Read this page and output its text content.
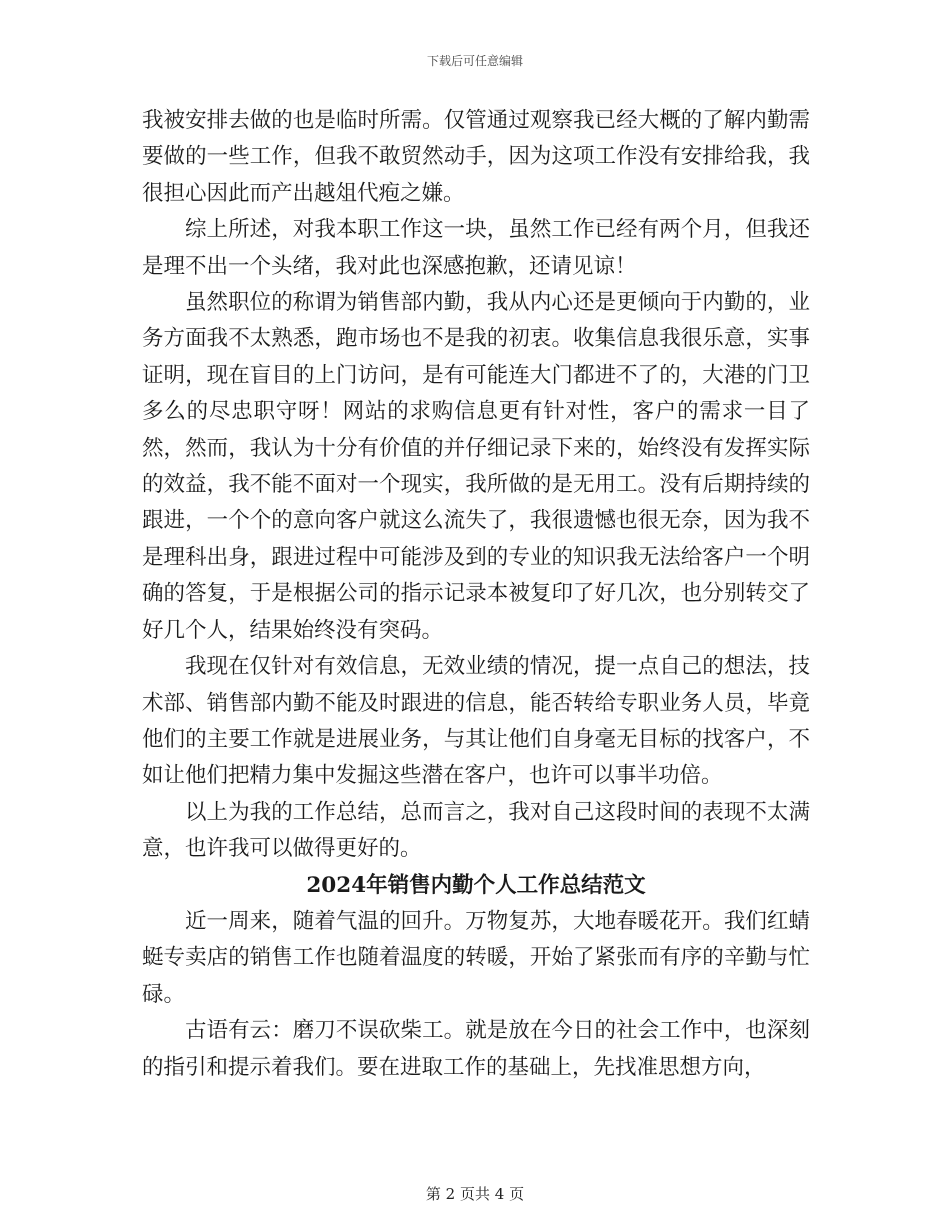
下载后可任意编辑

我被安排去做的也是临时所需。仅管通过观察我已经大概的了解内勤需要做的一些工作，但我不敢贸然动手，因为这项工作没有安排给我，我很担心因此而产出越俎代疱之嫌。

综上所述，对我本职工作这一块，虽然工作已经有两个月，但我还是理不出一个头绪，我对此也深感抱歉，还请见谅！

虽然职位的称谓为销售部内勤，我从内心还是更倾向于内勤的，业务方面我不太熟悉，跑市场也不是我的初衷。收集信息我很乐意，实事证明，现在盲目的上门访问，是有可能连大门都进不了的，大港的门卫多么的尽忠职守呀！网站的求购信息更有针对性，客户的需求一目了然，然而，我认为十分有价值的并仔细记录下来的，始终没有发挥实际的效益，我不能不面对一个现实，我所做的是无用工。没有后期持续的跟进，一个个的意向客户就这么流失了，我很遗憾也很无奈，因为我不是理科出身，跟进过程中可能涉及到的专业的知识我无法给客户一个明确的答复，于是根据公司的指示记录本被复印了好几次，也分别转交了好几个人，结果始终没有突码。

我现在仅针对有效信息，无效业绩的情况，提一点自己的想法，技术部、销售部内勤不能及时跟进的信息，能否转给专职业务人员，毕竟他们的主要工作就是进展业务，与其让他们自身毫无目标的找客户，不如让他们把精力集中发掘这些潜在客户，也许可以事半功倍。

以上为我的工作总结，总而言之，我对自己这段时间的表现不太满意，也许我可以做得更好的。

2024年销售内勤个人工作总结范文

近一周来，随着气温的回升。万物复苏，大地春暖花开。我们红蜻蜓专卖店的销售工作也随着温度的转暖，开始了紧张而有序的辛勤与忙碌。

古语有云：磨刀不误砍柴工。就是放在今日的社会工作中，也深刻的指引和提示着我们。要在进取工作的基础上，先找准思想方向，

第 2 页共 4 页
